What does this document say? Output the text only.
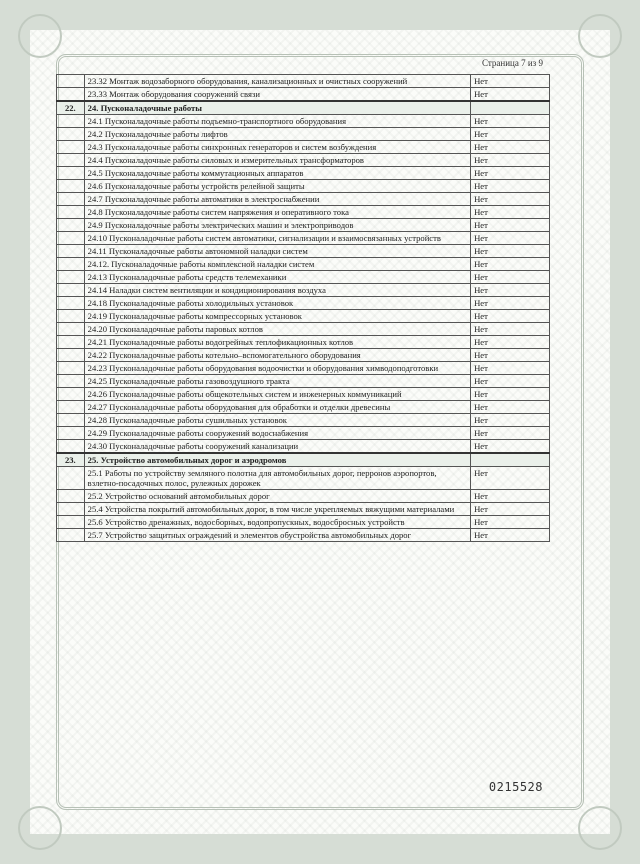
Страница 7 из 9
	23.32 Монтаж водозаборного оборудования, канализационных и очистных сооружений	Нет
	23.33 Монтаж оборудования сооружений связи	Нет
22.	24. Пусконаладочные работы	
	24.1 Пусконаладочные работы подъемно-транспортного оборудования	Нет
	24.2 Пусконаладочные работы лифтов	Нет
	24.3 Пусконаладочные работы синхронных генераторов и систем возбуждения	Нет
	24.4 Пусконаладочные работы силовых и измерительных трансформаторов	Нет
	24.5 Пусконаладочные работы коммутационных аппаратов	Нет
	24.6 Пусконаладочные работы устройств релейной защиты	Нет
	24.7 Пусконаладочные работы автоматики в электроснабжении	Нет
	24.8 Пусконаладочные работы систем напряжения и оперативного тока	Нет
	24.9 Пусконаладочные работы электрических машин и электроприводов	Нет
	24.10 Пусконаладочные работы систем автоматики, сигнализации и взаимосвязанных устройств	Нет
	24.11 Пусконаладочные работы автономной наладки систем	Нет
	24.12. Пусконаладочные работы комплексной наладки систем	Нет
	24.13 Пусконаладочные работы средств телемеханики	Нет
	24.14 Наладки систем вентиляции и кондиционирования воздуха	Нет
	24.18 Пусконаладочные работы холодильных установок	Нет
	24.19 Пусконаладочные работы компрессорных установок	Нет
	24.20 Пусконаладочные работы паровых котлов	Нет
	24.21 Пусконаладочные работы водогрейных теплофикационных котлов	Нет
	24.22 Пусконаладочные работы котельно–вспомогательного оборудования	Нет
	24.23 Пусконаладочные работы оборудования водоочистки и оборудования химводоподготовки	Нет
	24.25 Пусконаладочные работы газовоздушного тракта	Нет
	24.26 Пусконаладочные работы общекотельных систем и инженерных коммуникаций	Нет
	24.27 Пусконаладочные работы оборудования для обработки и отделки древесины	Нет
	24.28 Пусконаладочные работы сушильных установок	Нет
	24.29 Пусконаладочные работы сооружений водоснабжения	Нет
	24.30 Пусконаладочные работы сооружений канализации	Нет
23.	25. Устройство автомобильных дорог и аэродромов	
	25.1 Работы по устройству земляного полотна для автомобильных дорог, перронов аэропортов, взлетно-посадочных полос, рулежных дорожек	Нет
	25.2 Устройство оснований автомобильных дорог	Нет
	25.4 Устройства покрытий автомобильных дорог, в том числе укрепляемых вяжущими материалами	Нет
	25.6 Устройство дренажных, водосборных, водопропускных, водосбросных устройств	Нет
	25.7 Устройство защитных ограждений и элементов обустройства автомобильных дорог	Нет
0215528
